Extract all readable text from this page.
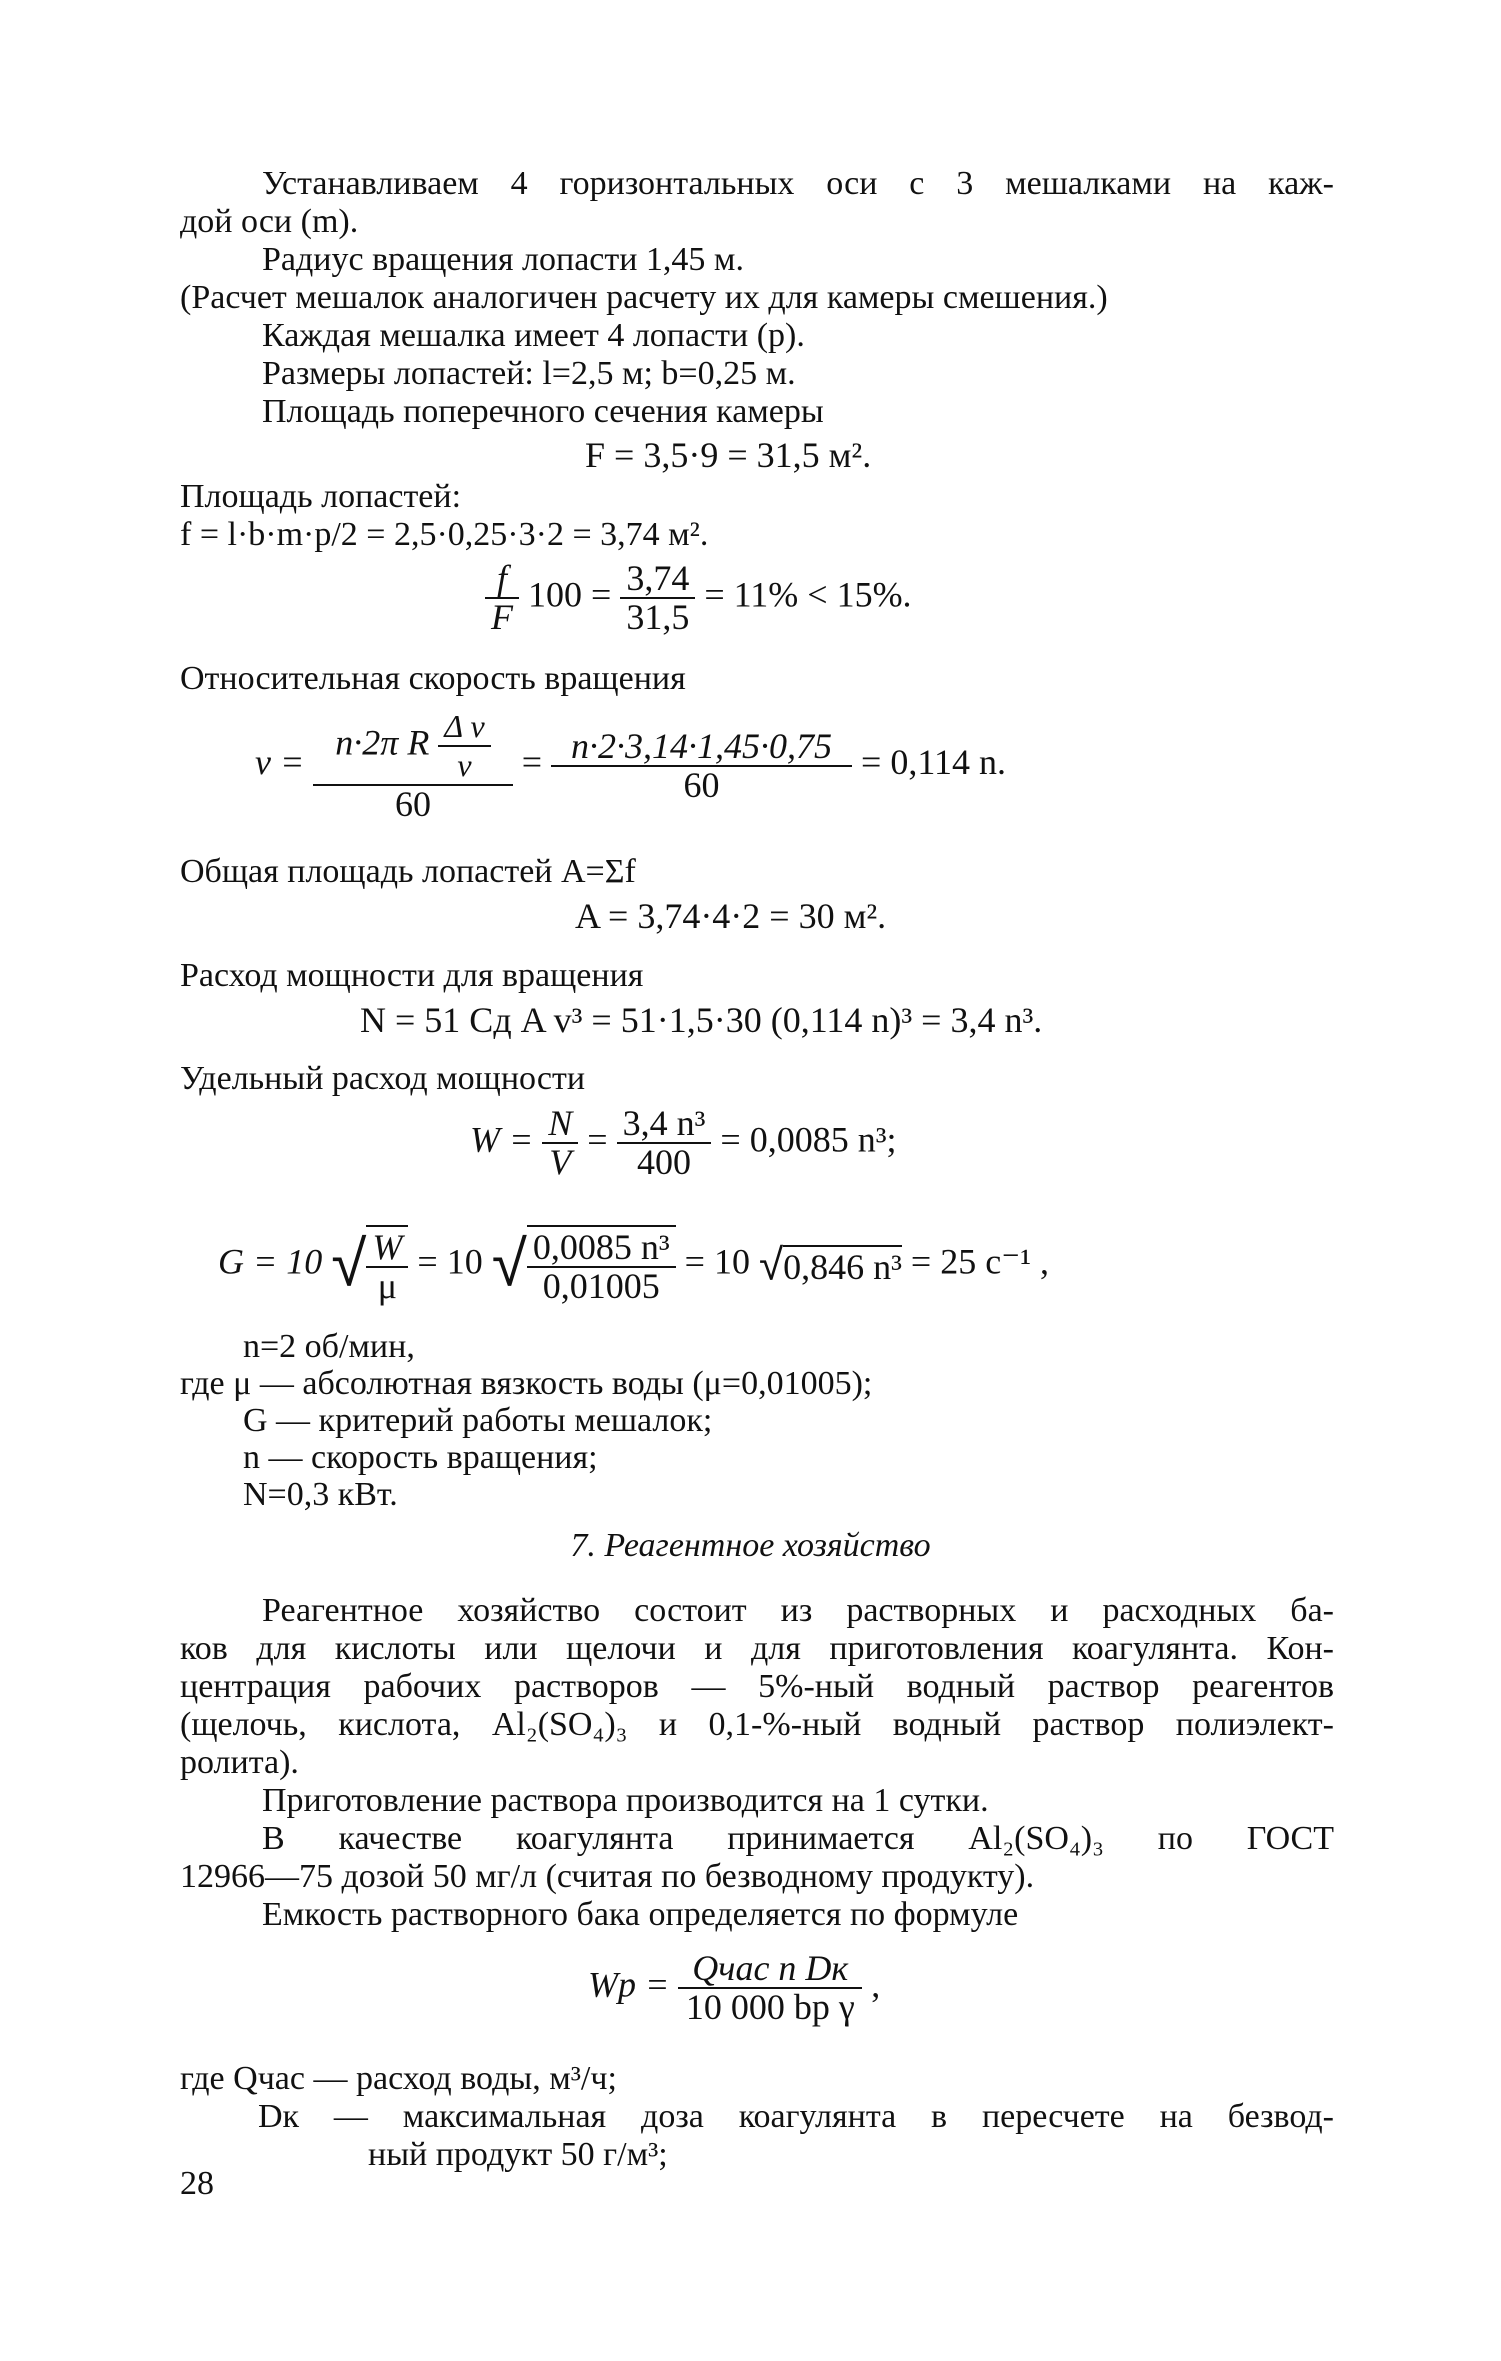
Устанавливаем 4 горизонтальных оси с 3 мешалками на каж-
дой оси (m).
Радиус вращения лопасти 1,45 м.
(Расчет мешалок аналогичен расчету их для камеры смешения.)
Каждая мешалка имеет 4 лопасти (p).
Размеры лопастей: l=2,5 м; b=0,25 м.
Площадь поперечного сечения камеры
F = 3,5·9 = 31,5 м².
Площадь лопастей:
f = l·b·m·p/2 = 2,5·0,25·3·2 = 3,74 м².
$\frac{f}{F} 100 = \frac{3,74}{31,5} = 11\% < 15\%$.
Относительная скорость вращения
$v = \frac{n\cdot 2\pi R \frac{\text{Δ v}}{v}}{60} = \frac{n\cdot 2\cdot 3,14\cdot 1,45\cdot 0,75}{60} = 0,114$ n.
Общая площадь лопастей A=Σf
A = 3,74·4·2 = 30 м².
Расход мощности для вращения
N = 51 Cд A v³ = 51·1,5·30 (0,114 n)³ = 3,4 n³.
Удельный расход мощности
$W = \frac{N}{V} = \frac{\text{3,4 n³}}{400} = 0,0085$ n³;
G = 10 √ $\frac{W}{\mu} = 10$ √ $\frac{\text{0,0085 n³}}{0,01005} = 10$ √0,846 n³ = 25 c⁻¹ ,
n=2 об/мин,
где μ — абсолютная вязкость воды (μ=0,01005);
G — критерий работы мешалок;
n — скорость вращения;
N=0,3 кВт.
7. Реагентное хозяйство
Реагентное хозяйство состоит из растворных и расходных ба-
ков для кислоты или щелочи и для приготовления коагулянта. Кон-
центрация рабочих растворов — 5%-ный водный раствор реагентов
(щелочь, кислота, Al₂(SO₄)₃ и 0,1-%-ный водный раствор полиэлект-
ролита).
Приготовление раствора производится на 1 сутки.
В качестве коагулянта принимается Al₂(SO₄)₃ по ГОСТ
12966—75 дозой 50 мг/л (считая по безводному продукту).
Емкость растворного бака определяется по формуле
Wр = $\frac{\text{Qчас n Dк}}{\text{10 000 bр γ}}$ ,
где Qчас — расход воды, м³/ч;
Dк — максимальная доза коагулянта в пересчете на безвод-
ный продукт 50 г/м³;
28
